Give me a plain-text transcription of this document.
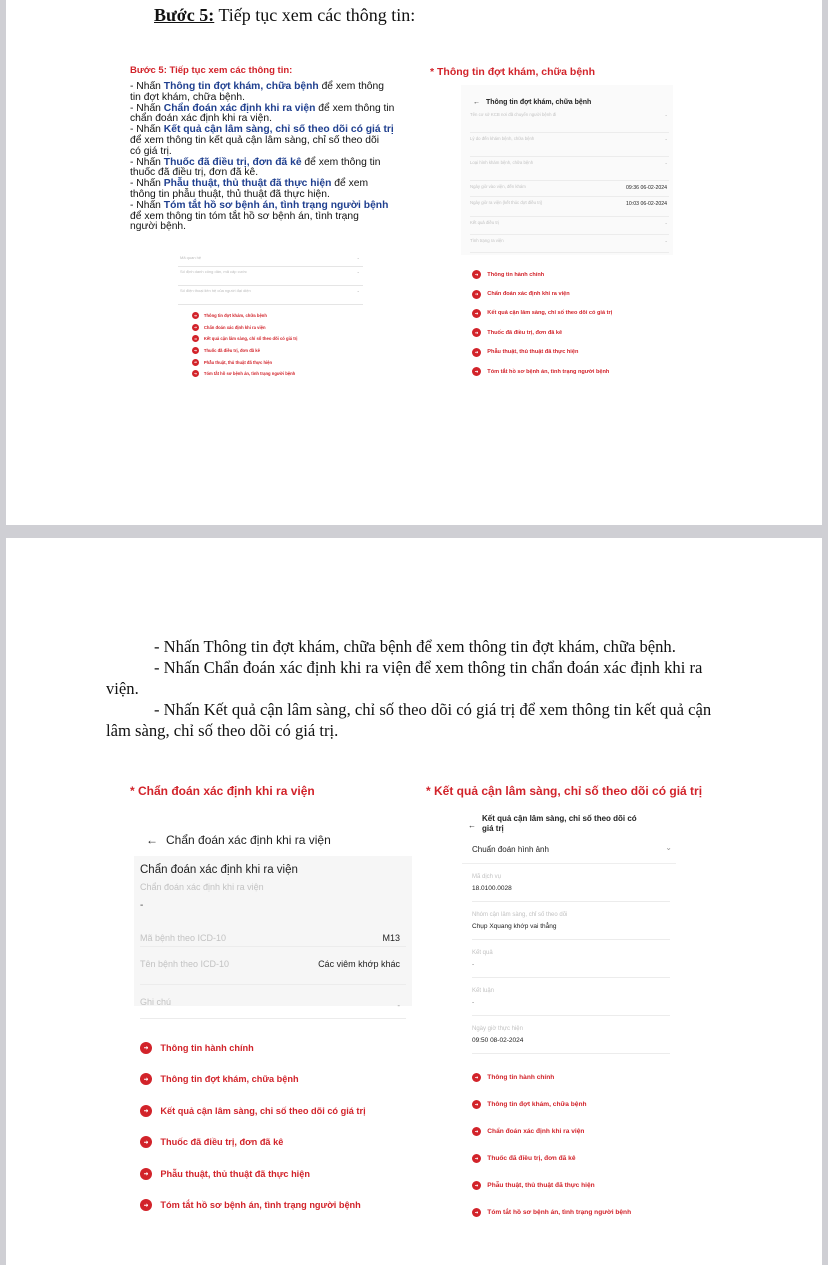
Bước 5: Tiếp tục xem các thông tin:
Bước 5: Tiếp tục xem các thông tin:
- Nhấn Thông tin đợt khám, chữa bệnh để xem thông
tin đợt khám, chữa bệnh.
- Nhấn Chẩn đoán xác định khi ra viện để xem thông tin
chẩn đoán xác định khi ra viện.
- Nhấn Kết quả cận lâm sàng, chỉ số theo dõi có giá trị
để xem thông tin kết quả cận lâm sàng, chỉ số theo dõi
có giá trị.
- Nhấn Thuốc đã điều trị, đơn đã kê để xem thông tin
thuốc đã điều trị, đơn đã kê.
- Nhấn Phẫu thuật, thủ thuật đã thực hiện để xem
thông tin phẫu thuật, thủ thuật đã thực hiện.
- Nhấn Tóm tắt hồ sơ bệnh án, tình trạng người bệnh
để xem thông tin tóm tắt hồ sơ bệnh án, tình trạng
người bệnh.
Mã quan hệ	-
Số định danh công dân, mã cấp cước	-
Số điện thoại liên hệ của người đại diện	-
Thông tin đợt khám, chữa bệnh
Chẩn đoán xác định khi ra viện
Kết quả cận lâm sàng, chỉ số theo dõi có giá trị
Thuốc đã điều trị, đơn đã kê
Phẫu thuật, thủ thuật đã thực hiện
Tóm tắt hồ sơ bệnh án, tình trạng người bệnh
* Thông tin đợt khám, chữa bệnh
← Thông tin đợt khám, chữa bệnh
Tên cơ sở KCB nơi đã chuyển người bệnh đi	-
Lý do đến khám bệnh, chữa bệnh	-
Loại hình khám bệnh, chữa bệnh	-
Ngày giờ vào viện, đến khám	09:36 06-02-2024
Ngày giờ ra viện (kết thúc đợt điều trị)	10:03 06-02-2024
Kết quả điều trị	-
Tình trạng ra viện	-
Thông tin hành chính
Chẩn đoán xác định khi ra viện
Kết quả cận lâm sàng, chỉ số theo dõi có giá trị
Thuốc đã điều trị, đơn đã kê
Phẫu thuật, thủ thuật đã thực hiện
Tóm tắt hồ sơ bệnh án, tình trạng người bệnh

- Nhấn Thông tin đợt khám, chữa bệnh để xem thông tin đợt khám, chữa bệnh.

- Nhấn Chẩn đoán xác định khi ra viện để xem thông tin chẩn đoán xác định khi ra viện.

- Nhấn Kết quả cận lâm sàng, chỉ số theo dõi có giá trị để xem thông tin kết quả cận lâm sàng, chỉ số theo dõi có giá trị.

* Chẩn đoán xác định khi ra viện	* Kết quả cận lâm sàng, chỉ số theo dõi có giá trị
← Chẩn đoán xác định khi ra viện
Chẩn đoán xác định khi ra viện
Chẩn đoán xác định khi ra viện
-
Mã bệnh theo ICD-10	M13
Tên bệnh theo ICD-10	Các viêm khớp khác
Ghi chú	-
Thông tin hành chính
Thông tin đợt khám, chữa bệnh
Kết quả cận lâm sàng, chỉ số theo dõi có giá trị
Thuốc đã điều trị, đơn đã kê
Phẫu thuật, thủ thuật đã thực hiện
Tóm tắt hồ sơ bệnh án, tình trạng người bệnh
←
Kết quả cận lâm sàng, chỉ số theo dõi có
giá trị
Chuẩn đoán hình ảnh	⌄
Mã dịch vụ
18.0100.0028
Nhóm cận lâm sàng, chỉ số theo dõi
Chụp Xquang khớp vai thẳng
Kết quả
-
Kết luận
-
Ngày giờ thực hiện
09:50 08-02-2024
Thông tin hành chính
Thông tin đợt khám, chữa bệnh
Chẩn đoán xác định khi ra viện
Thuốc đã điều trị, đơn đã kê
Phẫu thuật, thủ thuật đã thực hiện
Tóm tắt hồ sơ bệnh án, tình trạng người bệnh
